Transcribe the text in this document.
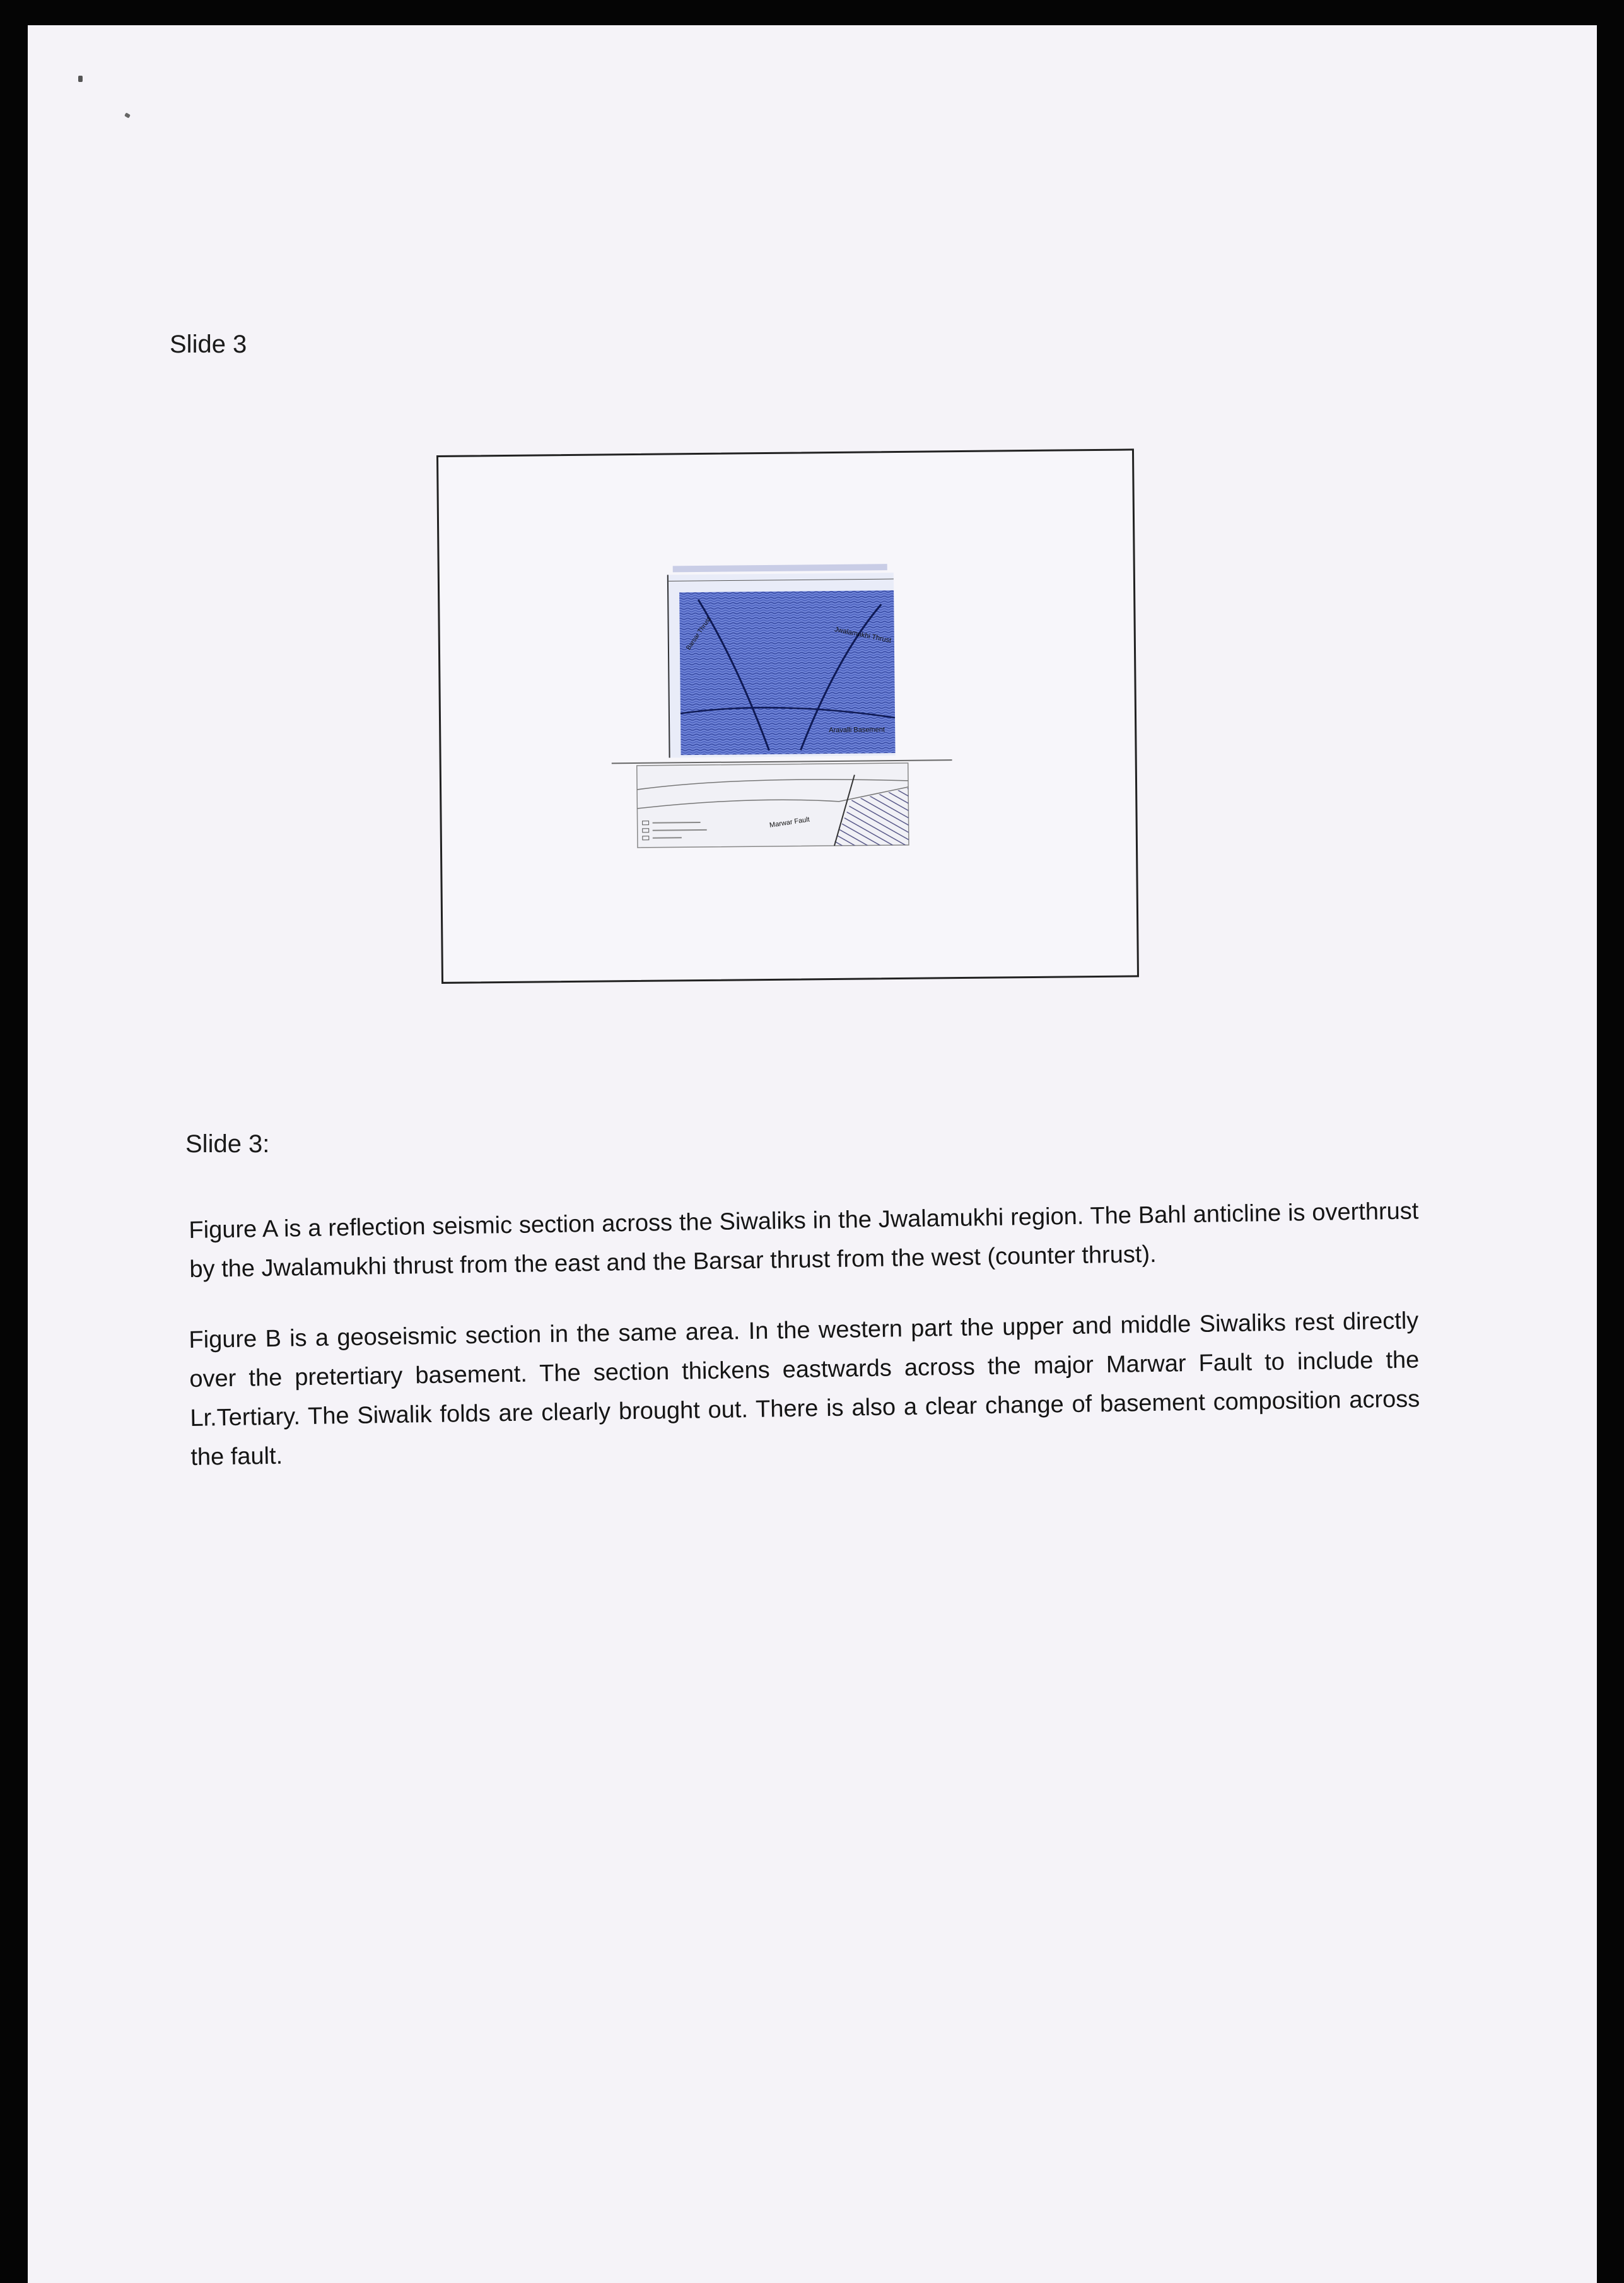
Slide 3
Jwalamukhi Thrust
Aravalli Basement
Barsar Thrust
Marwar Fault
Slide 3:

Figure A is a reflection seismic section across the Siwaliks in the Jwalamukhi region. The Bahl anticline is overthrust by the Jwalamukhi thrust from the east and the Barsar thrust from the west (counter thrust).

Figure B is a geoseismic section in the same area. In the western part the upper and middle Siwaliks rest directly over the pretertiary basement. The section thickens eastwards across the major Marwar Fault to include the Lr.Tertiary. The Siwalik folds are clearly brought out. There is also a clear change of basement composition across the fault.
